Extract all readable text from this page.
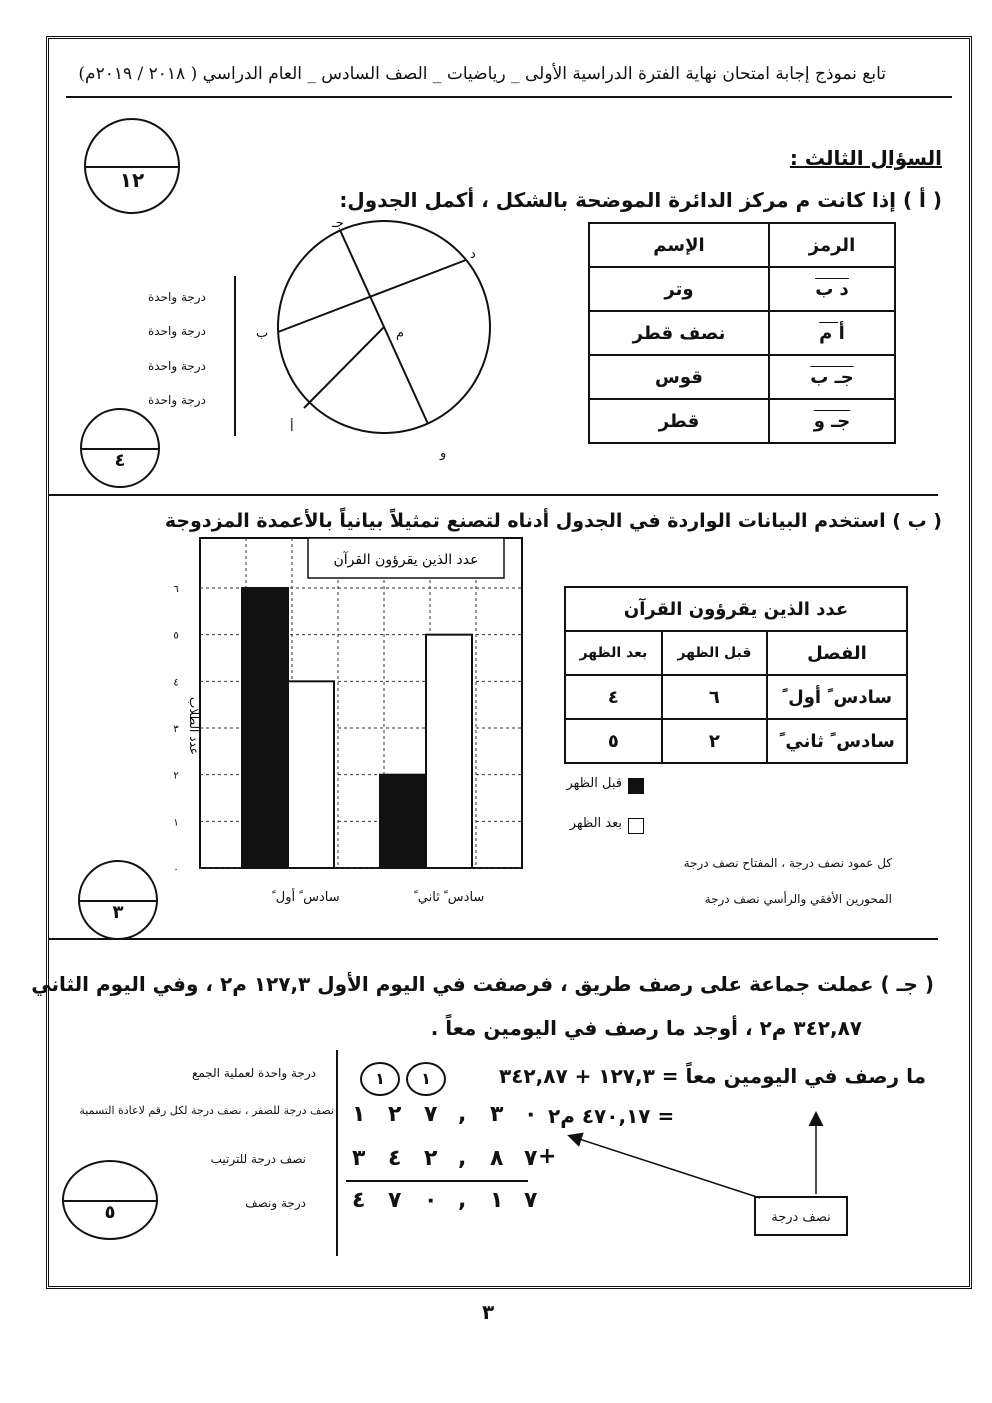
تابع نموذج إجابة امتحان نهاية الفترة الدراسية الأولى _ رياضيات _ الصف السادس _ العام الدراسي ( ٢٠١٨ / ٢٠١٩م)
السؤال الثالث :
١٢
( أ ) إذا كانت م مركز الدائرة الموضحة بالشكل ، أكمل الجدول:
جـ
د
ب	م
أ
و
درجة واحدة
درجة واحدة
درجة واحدة
درجة واحدة
الرمز	الإسم
د ب	وتر
أ م	نصف قطر
جـ ب	قوس
جـ و	قطر
٤
( ب ) استخدم البيانات الواردة في الجدول أدناه لتصنع تمثيلاً بيانياً بالأعمدة المزدوجة
٠
١
٢
٣
٤
٥
٦
عدد الذين يقرؤون القرآن
عدد الطلاب
عدد الذين يقرؤون القرآن		
الفصل	قبل الظهر	بعد الظهر
سادس ً أول ً	٦	٤
سادس ً ثاني ً	٢	٥
قبل الظهر
بعد الظهر
كل عمود نصف درجة ، المفتاح نصف درجة
المحورين الأفقي والرأسي نصف درجة
٣
( جـ ) عملت جماعة على رصف طريق ، فرصفت في اليوم الأول ١٢٧,٣ م٢ ، وفي اليوم الثاني
٣٤٢,٨٧ م٢ ، أوجد ما رصف في اليومين معاً .
ما رصف في اليومين معاً = ١٢٧,٣ + ٣٤٢,٨٧
= ٤٧٠,١٧ م٢
درجة واحدة لعملية الجمع
نصف درجة للصفر ، نصف درجة لكل رقم لاعادة التسمية
نصف درجة للترتيب
درجة ونصف
١	١
١ ٢ ٧ , ٣ ٠
٣ ٤ ٢ , ٨ ٧ +
٤ ٧ ٠ , ١ ٧
نصف درجة
٥
٣
سادس ً أول ً	سادس ً ثاني ً
